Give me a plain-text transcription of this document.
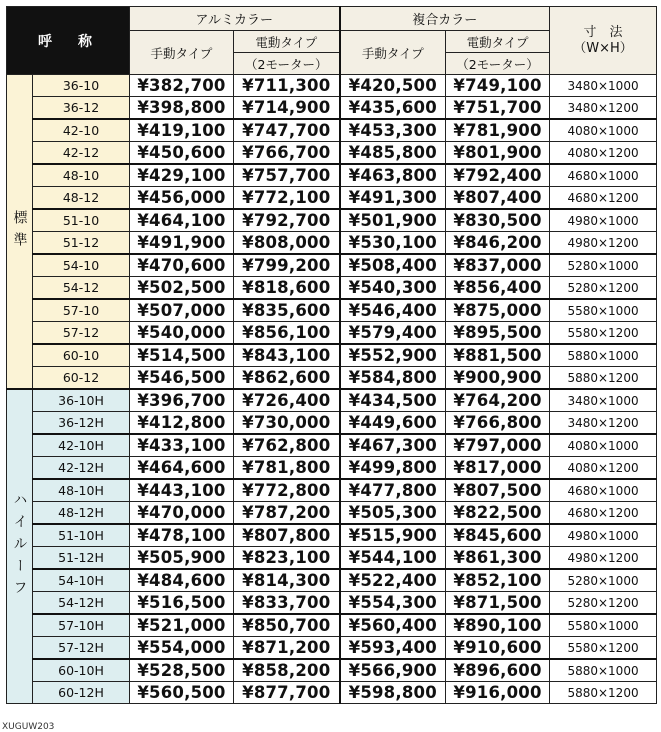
呼　称		アルミカラー		複合カラー		寸　法
（W×H）

		手動タイプ	電動タイプ	手動タイプ	電動タイプ	
			（2モーター）		（2モーター）	
標準	36-10	¥382,700	¥711,300	¥420,500	¥749,100	3480×1000
	36-12	¥398,800	¥714,900	¥435,600	¥751,700	3480×1200
	42-10	¥419,100	¥747,700	¥453,300	¥781,900	4080×1000
	42-12	¥450,600	¥766,700	¥485,800	¥801,900	4080×1200
	48-10	¥429,100	¥757,700	¥463,800	¥792,400	4680×1000
	48-12	¥456,000	¥772,100	¥491,300	¥807,400	4680×1200
	51-10	¥464,100	¥792,700	¥501,900	¥830,500	4980×1000
	51-12	¥491,900	¥808,000	¥530,100	¥846,200	4980×1200
	54-10	¥470,600	¥799,200	¥508,400	¥837,000	5280×1000
	54-12	¥502,500	¥818,600	¥540,300	¥856,400	5280×1200
	57-10	¥507,000	¥835,600	¥546,400	¥875,000	5580×1000
	57-12	¥540,000	¥856,100	¥579,400	¥895,500	5580×1200
	60-10	¥514,500	¥843,100	¥552,900	¥881,500	5880×1000
	60-12	¥546,500	¥862,600	¥584,800	¥900,900	5880×1200
ハイルーフ	36-10H	¥396,700	¥726,400	¥434,500	¥764,200	3480×1000
	36-12H	¥412,800	¥730,000	¥449,600	¥766,800	3480×1200
	42-10H	¥433,100	¥762,800	¥467,300	¥797,000	4080×1000
	42-12H	¥464,600	¥781,800	¥499,800	¥817,000	4080×1200
	48-10H	¥443,100	¥772,800	¥477,800	¥807,500	4680×1000
	48-12H	¥470,000	¥787,200	¥505,300	¥822,500	4680×1200
	51-10H	¥478,100	¥807,800	¥515,900	¥845,600	4980×1000
	51-12H	¥505,900	¥823,100	¥544,100	¥861,300	4980×1200
	54-10H	¥484,600	¥814,300	¥522,400	¥852,100	5280×1000
	54-12H	¥516,500	¥833,700	¥554,300	¥871,500	5280×1200
	57-10H	¥521,000	¥850,700	¥560,400	¥890,100	5580×1000
	57-12H	¥554,000	¥871,200	¥593,400	¥910,600	5580×1200
	60-10H	¥528,500	¥858,200	¥566,900	¥896,600	5880×1000
	60-12H	¥560,500	¥877,700	¥598,800	¥916,000	5880×1200
XUGUW203
